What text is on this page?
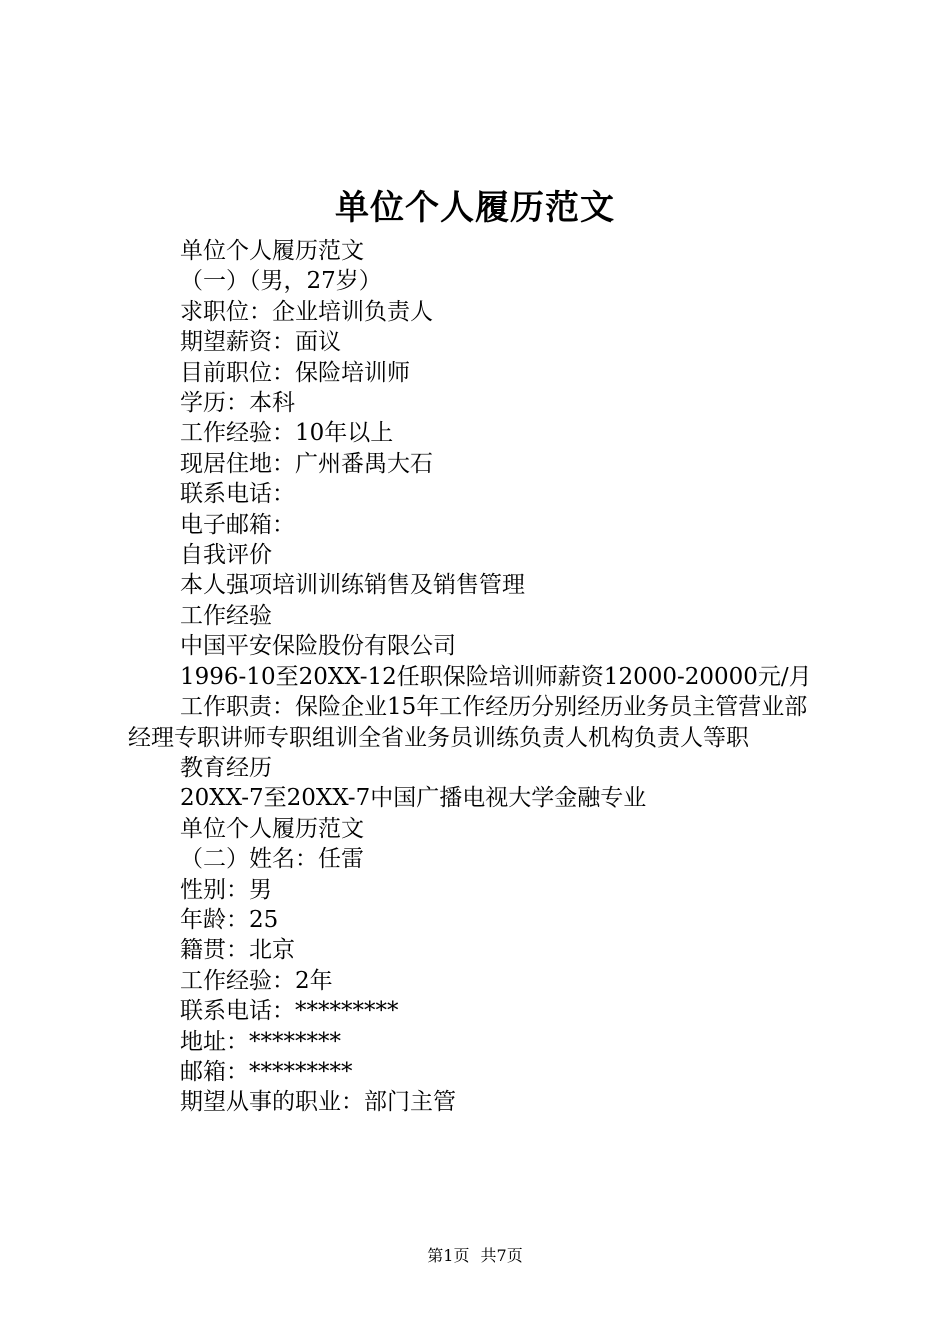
单位个人履历范文

单位个人履历范文

（一）（男，27岁）

求职位：企业培训负责人

期望薪资：面议

目前职位：保险培训师

学历：本科

工作经验：10年以上

现居住地：广州番禺大石

联系电话：

电子邮箱：

自我评价

本人强项培训训练销售及销售管理

工作经验

中国平安保险股份有限公司

1996-10至20XX-12任职保险培训师薪资12000-20000元/月

工作职责：保险企业15年工作经历分别经历业务员主管营业部经理专职讲师专职组训全省业务员训练负责人机构负责人等职

教育经历

20XX-7至20XX-7中国广播电视大学金融专业

单位个人履历范文

（二）姓名：任雷

性别：男

年龄：25

籍贯：北京

工作经验：2年

联系电话：*********

地址：********

邮箱：*********

期望从事的职业：部门主管

第1页 共7页
